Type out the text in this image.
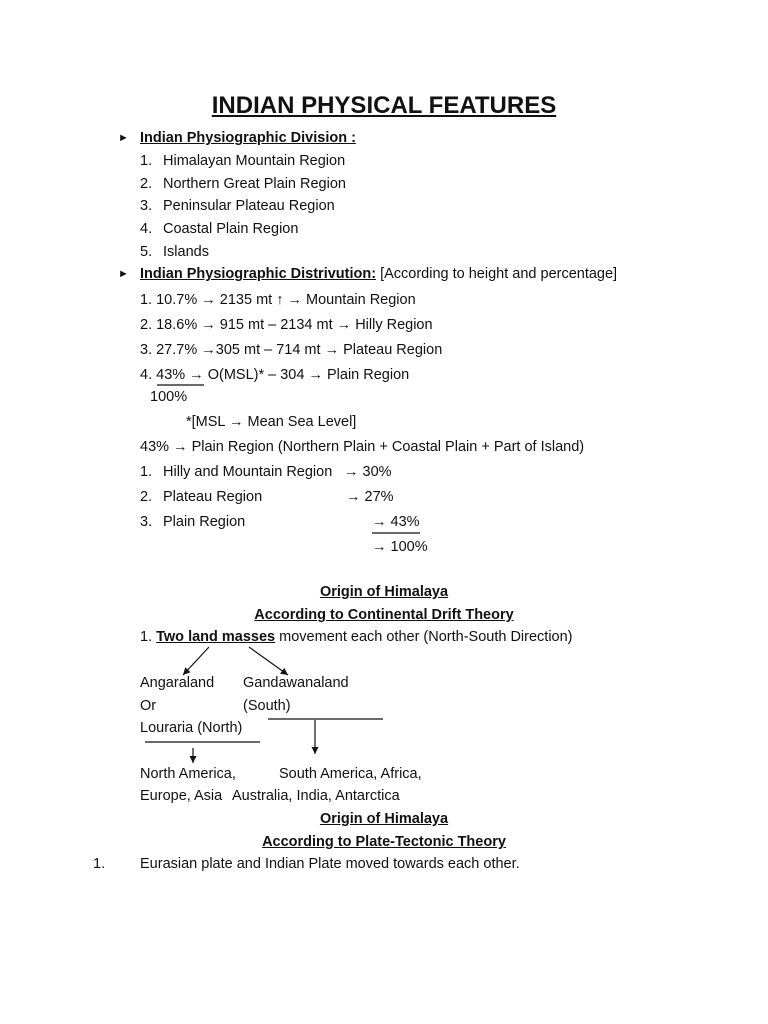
INDIAN PHYSICAL FEATURES
► Indian Physiographic Division :
1. Himalayan Mountain Region
2. Northern Great Plain Region
3. Peninsular Plateau Region
4. Coastal Plain Region
5. Islands
► Indian Physiographic Distrivution: [According to height and percentage]
1. 10.7% → 2135 mt ↑ → Mountain Region
2. 18.6% → 915 mt – 2134 mt → Hilly Region
3. 27.7% →305 mt – 714 mt → Plateau Region
4. 43% → O(MSL)* – 304 → Plain Region
100%
*[MSL → Mean Sea Level]
43% → Plain Region (Northern Plain + Coastal Plain + Part of Island)
1. Hilly and Mountain Region → 30%
2. Plateau Region	→ 27%
3. Plain Region	→ 43%
→ 100%
Origin of Himalaya
According to Continental Drift Theory
1. Two land masses movement each other (North-South Direction)
Angaraland
Or
Louraria (North)
Gandawanaland
(South)
North America,
Europe, Asia
South America, Africa,
Australia, India, Antarctica
Origin of Himalaya
According to Plate-Tectonic Theory
1. Eurasian plate and Indian Plate moved towards each other.
